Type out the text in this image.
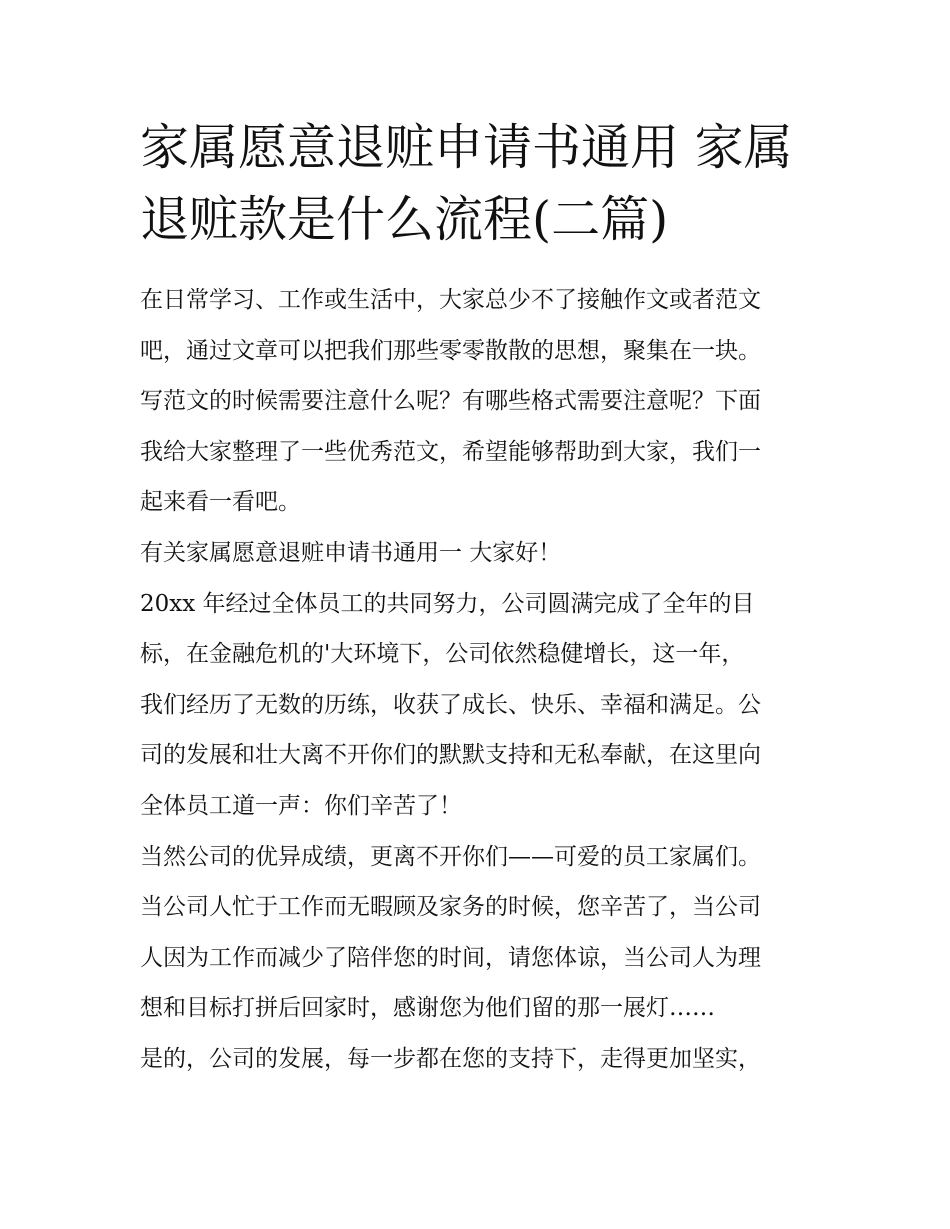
家属愿意退赃申请书通用 家属
退赃款是什么流程(二篇)
在日常学习、工作或生活中，大家总少不了接触作文或者范文
吧，通过文章可以把我们那些零零散散的思想，聚集在一块。
写范文的时候需要注意什么呢？有哪些格式需要注意呢？下面
我给大家整理了一些优秀范文，希望能够帮助到大家，我们一
起来看一看吧。
有关家属愿意退赃申请书通用一 大家好！
20xx 年经过全体员工的共同努力，公司圆满完成了全年的目
标，在金融危机的'大环境下，公司依然稳健增长，这一年，
我们经历了无数的历练，收获了成长、快乐、幸福和满足。公
司的发展和壮大离不开你们的默默支持和无私奉献，在这里向
全体员工道一声：你们辛苦了！
当然公司的优异成绩，更离不开你们——可爱的员工家属们。
当公司人忙于工作而无暇顾及家务的时候，您辛苦了，当公司
人因为工作而减少了陪伴您的时间，请您体谅，当公司人为理
想和目标打拼后回家时，感谢您为他们留的那一展灯……
是的，公司的发展，每一步都在您的支持下，走得更加坚实，
